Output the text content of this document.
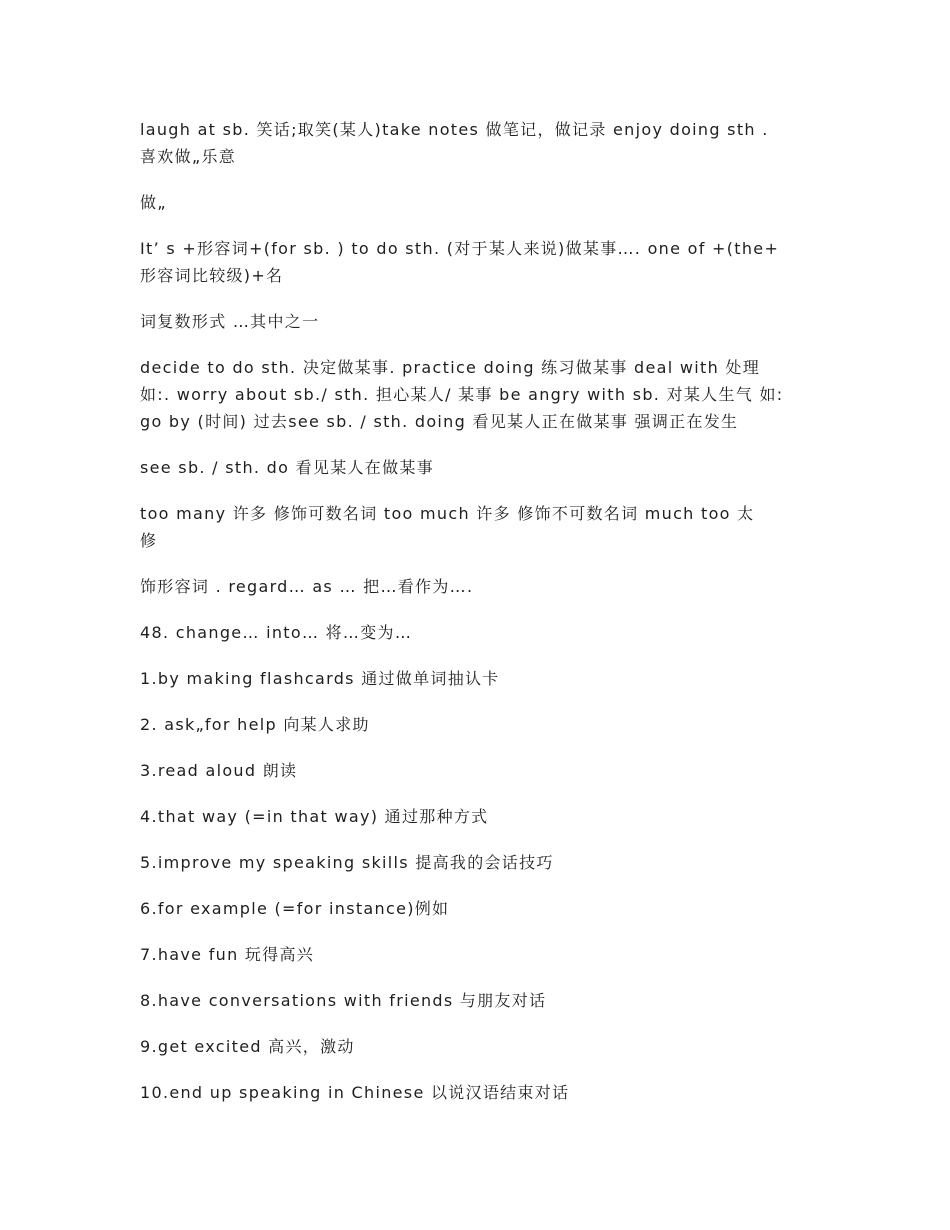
laugh at sb. 笑话;取笑(某人)take notes 做笔记，做记录 enjoy doing sth .
喜欢做„乐意

做„

It’ s +形容词+(for sb. ) to do sth. (对于某人来说)做某事…. one of +(the+
形容词比较级)+名

词复数形式 …其中之一

decide to do sth. 决定做某事. practice doing 练习做某事 deal with 处理
如:. worry about sb./ sth. 担心某人/ 某事 be angry with sb. 对某人生气 如:
go by (时间) 过去see sb. / sth. doing 看见某人正在做某事 强调正在发生

see sb. / sth. do 看见某人在做某事

too many 许多 修饰可数名词 too much 许多 修饰不可数名词 much too 太
修

饰形容词 . regard… as … 把…看作为….

48. change… into… 将…变为…

1.by making flashcards 通过做单词抽认卡

2. ask„for help 向某人求助

3.read aloud 朗读

4.that way (=in that way) 通过那种方式

5.improve my speaking skills 提高我的会话技巧

6.for example (=for instance)例如

7.have fun 玩得高兴

8.have conversations with friends 与朋友对话

9.get excited 高兴，激动

10.end up speaking in Chinese 以说汉语结束对话
